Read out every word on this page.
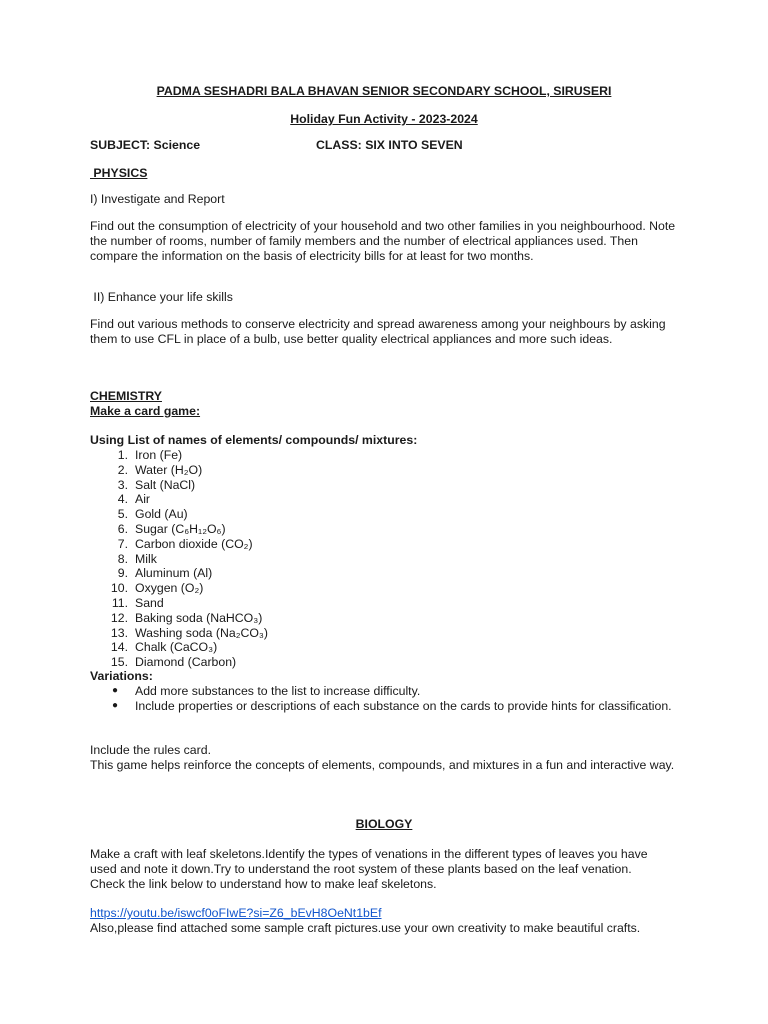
PADMA SESHADRI BALA BHAVAN SENIOR SECONDARY SCHOOL, SIRUSERI

Holiday Fun Activity - 2023-2024

SUBJECT: Science	CLASS: SIX INTO SEVEN

PHYSICS

I) Investigate and Report

Find out the consumption of electricity of your household and two other families in you neighbourhood. Note the number of rooms, number of family members and the number of electrical appliances used. Then compare the information on the basis of electricity bills for at least for two months.

II) Enhance your life skills

Find out various methods to conserve electricity and spread awareness among your neighbours by asking them to use CFL in place of a bulb, use better quality electrical appliances and more such ideas.

CHEMISTRY

Make a card game:

Using List of names of elements/ compounds/ mixtures:

1. Iron (Fe)
2. Water (H₂O)
3. Salt (NaCl)
4. Air
5. Gold (Au)
6. Sugar (C₆H₁₂O₆)
7. Carbon dioxide (CO₂)
8. Milk
9. Aluminum (Al)
10. Oxygen (O₂)
11. Sand
12. Baking soda (NaHCO₃)
13. Washing soda (Na₂CO₃)
14. Chalk (CaCO₃)
15. Diamond (Carbon)

Variations:

● Add more substances to the list to increase difficulty.
● Include properties or descriptions of each substance on the cards to provide hints for classification.

Include the rules card.

This game helps reinforce the concepts of elements, compounds, and mixtures in a fun and interactive way.

BIOLOGY

Make a craft with leaf skeletons.Identify the types of venations in the different types of leaves you have used and note it down.Try to understand the root system of these plants based on the leaf venation.
Check the link below to understand how to make leaf skeletons.
https://youtu.be/iswcf0oFIwE?si=Z6_bEvH8OeNt1bEf

Also,please find attached some sample craft pictures.use your own creativity to make beautiful crafts.
